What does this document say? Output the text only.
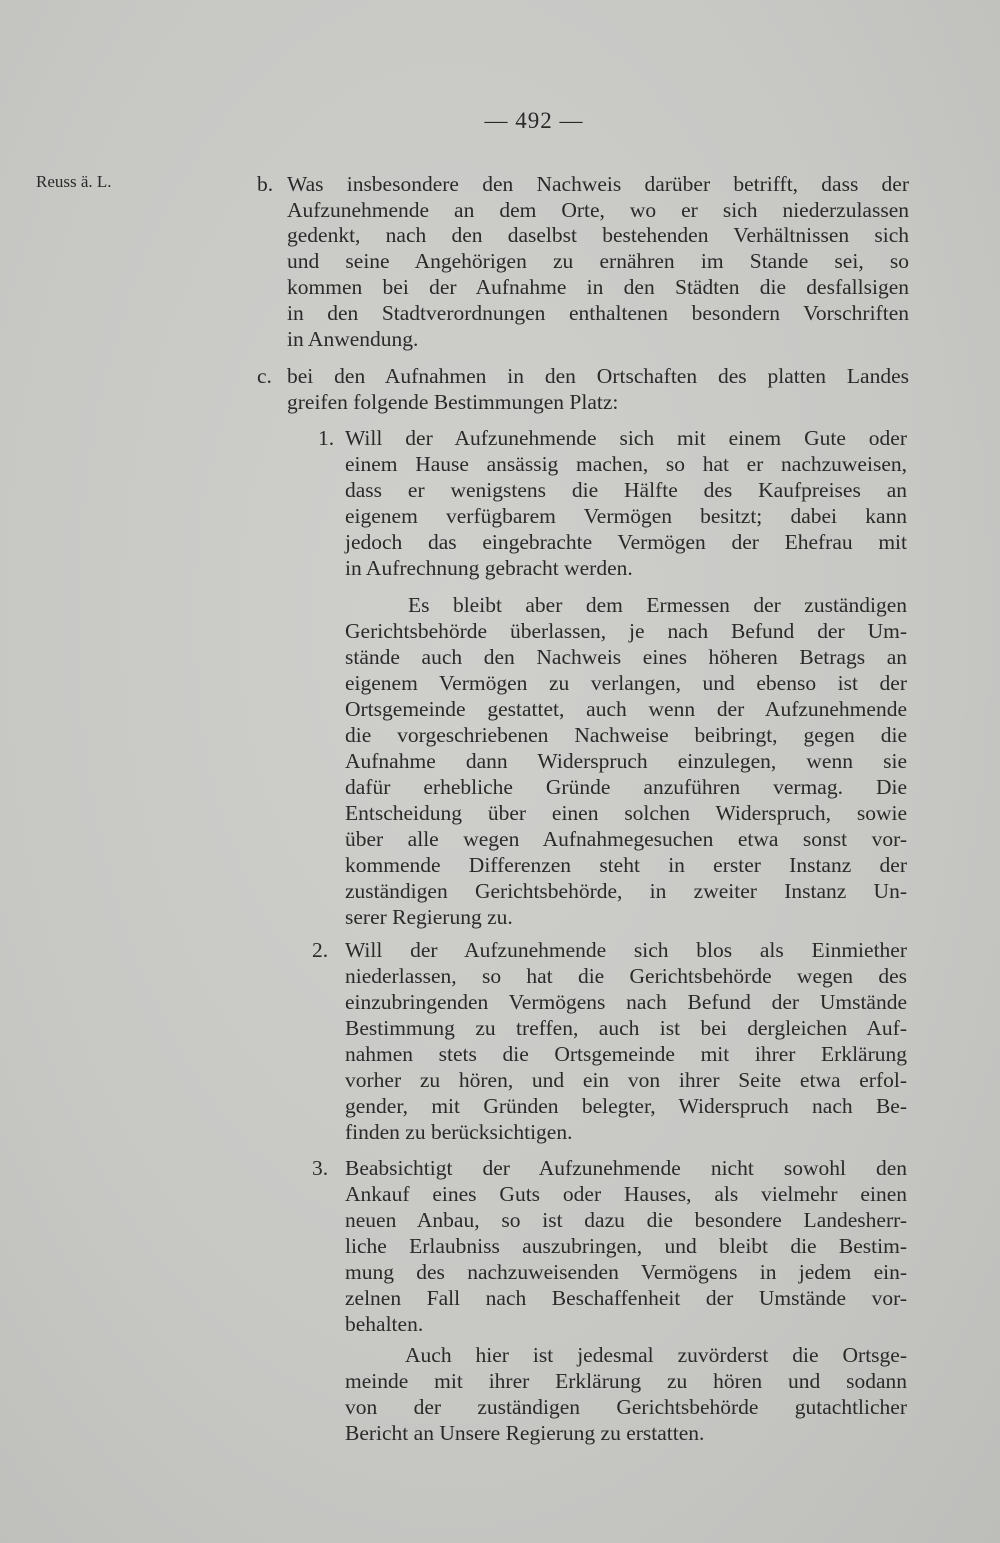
— 492 —
Reuss ä. L.	b. Was insbesondere den Nachweis darüber betrifft, dass der
Aufzunehmende an dem Orte, wo er sich niederzulassen
gedenkt, nach den daselbst bestehenden Verhältnissen sich
und seine Angehörigen zu ernähren im Stande sei, so
kommen bei der Aufnahme in den Städten die desfallsigen
in den Stadtverordnungen enthaltenen besondern Vorschriften
in Anwendung.
c. bei den Aufnahmen in den Ortschaften des platten Landes
greifen folgende Bestimmungen Platz:
1. Will der Aufzunehmende sich mit einem Gute oder
einem Hause ansässig machen, so hat er nachzuweisen,
dass er wenigstens die Hälfte des Kaufpreises an
eigenem verfügbarem Vermögen besitzt; dabei kann
jedoch das eingebrachte Vermögen der Ehefrau mit
in Aufrechnung gebracht werden.
Es bleibt aber dem Ermessen der zuständigen
Gerichtsbehörde überlassen, je nach Befund der Um-
stände auch den Nachweis eines höheren Betrags an
eigenem Vermögen zu verlangen, und ebenso ist der
Ortsgemeinde gestattet, auch wenn der Aufzunehmende
die vorgeschriebenen Nachweise beibringt, gegen die
Aufnahme dann Widerspruch einzulegen, wenn sie
dafür erhebliche Gründe anzuführen vermag. Die
Entscheidung über einen solchen Widerspruch, sowie
über alle wegen Aufnahmegesuchen etwa sonst vor-
kommende Differenzen steht in erster Instanz der
zuständigen Gerichtsbehörde, in zweiter Instanz Un-
serer Regierung zu.
2. Will der Aufzunehmende sich blos als Einmiether
niederlassen, so hat die Gerichtsbehörde wegen des
einzubringenden Vermögens nach Befund der Umstände
Bestimmung zu treffen, auch ist bei dergleichen Auf-
nahmen stets die Ortsgemeinde mit ihrer Erklärung
vorher zu hören, und ein von ihrer Seite etwa erfol-
gender, mit Gründen belegter, Widerspruch nach Be-
finden zu berücksichtigen.
3. Beabsichtigt der Aufzunehmende nicht sowohl den
Ankauf eines Guts oder Hauses, als vielmehr einen
neuen Anbau, so ist dazu die besondere Landesherr-
liche Erlaubniss auszubringen, und bleibt die Bestim-
mung des nachzuweisenden Vermögens in jedem ein-
zelnen Fall nach Beschaffenheit der Umstände vor-
behalten.
Auch hier ist jedesmal zuvörderst die Ortsge-
meinde mit ihrer Erklärung zu hören und sodann
von der zuständigen Gerichtsbehörde gutachtlicher
Bericht an Unsere Regierung zu erstatten.
